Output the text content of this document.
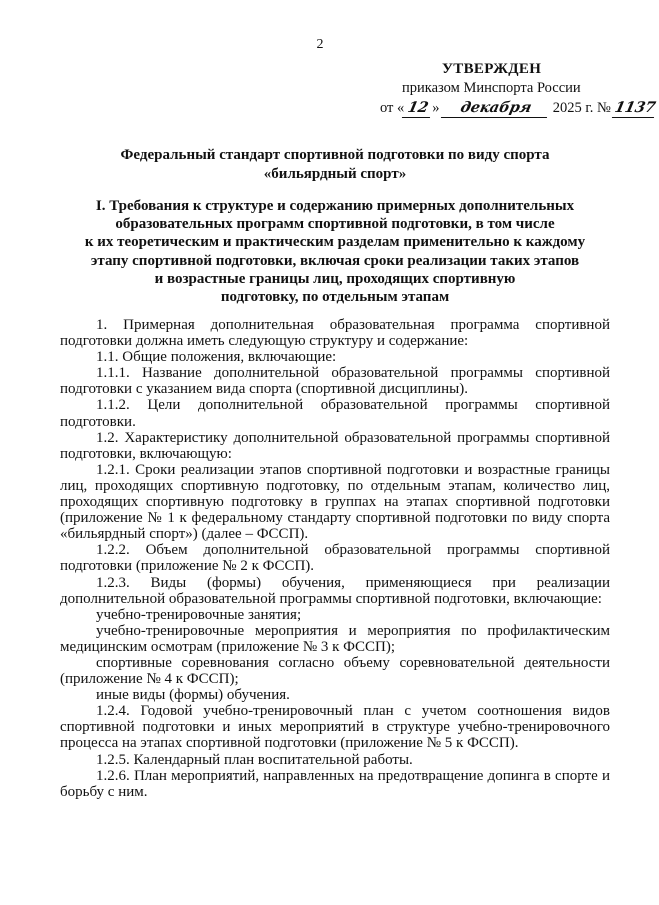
2
УТВЕРЖДЕН
приказом Минспорта России
от « 12 » декабря 2025 г. № 1137
Федеральный стандарт спортивной подготовки по виду спорта
«бильярдный спорт»
I. Требования к структуре и содержанию примерных дополнительных
образовательных программ спортивной подготовки, в том числе
к их теоретическим и практическим разделам применительно к каждому
этапу спортивной подготовки, включая сроки реализации таких этапов
и возрастные границы лиц, проходящих спортивную
подготовку, по отдельным этапам

1. Примерная дополнительная образовательная программа спортивной подготовки должна иметь следующую структуру и содержание:

1.1. Общие положения, включающие:

1.1.1. Название дополнительной образовательной программы спортивной подготовки с указанием вида спорта (спортивной дисциплины).

1.1.2. Цели дополнительной образовательной программы спортивной подготовки.

1.2. Характеристику дополнительной образовательной программы спортивной подготовки, включающую:

1.2.1. Сроки реализации этапов спортивной подготовки и возрастные границы лиц, проходящих спортивную подготовку, по отдельным этапам, количество лиц, проходящих спортивную подготовку в группах на этапах спортивной подготовки (приложение № 1 к федеральному стандарту спортивной подготовки по виду спорта «бильярдный спорт») (далее – ФССП).

1.2.2. Объем дополнительной образовательной программы спортивной подготовки (приложение № 2 к ФССП).

1.2.3. Виды (формы) обучения, применяющиеся при реализации дополнительной образовательной программы спортивной подготовки, включающие:

учебно-тренировочные занятия;

учебно-тренировочные мероприятия и мероприятия по профилактическим медицинским осмотрам (приложение № 3 к ФССП);

спортивные соревнования согласно объему соревновательной деятельности (приложение № 4 к ФССП);

иные виды (формы) обучения.

1.2.4. Годовой учебно-тренировочный план с учетом соотношения видов спортивной подготовки и иных мероприятий в структуре учебно-тренировочного процесса на этапах спортивной подготовки (приложение № 5 к ФССП).

1.2.5. Календарный план воспитательной работы.

1.2.6. План мероприятий, направленных на предотвращение допинга в спорте и борьбу с ним.
